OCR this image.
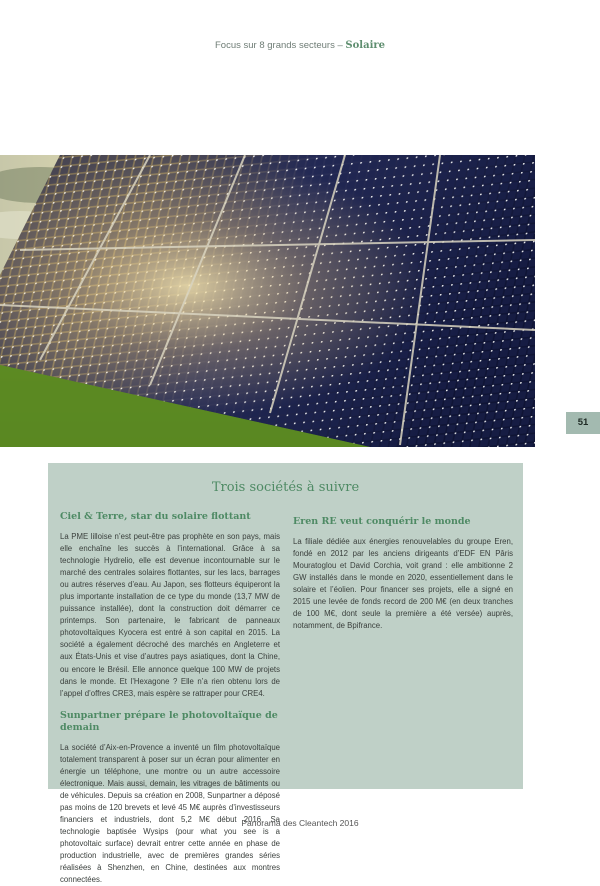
Focus sur 8 grands secteurs – Solaire
51
Trois sociétés à suivre

Ciel & Terre, star du solaire flottant

La PME lilloise n’est peut-être pas prophète en son pays, mais elle enchaîne les succès à l’international. Grâce à sa technologie Hydrelio, elle est devenue incontournable sur le marché des centrales solaires flottantes, sur les lacs, barrages ou autres réserves d’eau. Au Japon, ses flotteurs équiperont la plus importante installation de ce type du monde (13,7 MW de puissance installée), dont la construction doit démarrer ce printemps. Son partenaire, le fabricant de panneaux photovoltaïques Kyocera est entré à son capital en 2015. La société a également décroché des marchés en Angleterre et aux États-Unis et vise d’autres pays asiatiques, dont la Chine, ou encore le Brésil. Elle annonce quelque 100 MW de projets dans le monde. Et l’Hexagone ? Elle n’a rien obtenu lors de l’appel d’offres CRE3, mais espère se rattraper pour CRE4.

Sunpartner prépare le photovoltaïque de demain

La société d’Aix-en-Provence a inventé un film photovoltaïque totalement transparent à poser sur un écran pour alimenter en énergie un téléphone, une montre ou un autre accessoire électronique. Mais aussi, demain, les vitrages de bâtiments ou de véhicules. Depuis sa création en 2008, Sunpartner a déposé pas moins de 120 brevets et levé 45 M€ auprès d’investisseurs financiers et industriels, dont 5,2 M€ début 2016. Sa technologie baptisée Wysips (pour what you see is a photovoltaic surface) devrait entrer cette année en phase de production industrielle, avec de premières grandes séries réalisées à Shenzhen, en Chine, destinées aux montres connectées.

Eren RE veut conquérir le monde

La filiale dédiée aux énergies renouvelables du groupe Eren, fondé en 2012 par les anciens dirigeants d’EDF EN Pâris Mouratoglou et David Corchia, voit grand : elle ambitionne 2 GW installés dans le monde en 2020, essentiellement dans le solaire et l’éolien. Pour financer ses projets, elle a signé en 2015 une levée de fonds record de 200 M€ (en deux tranches de 100 M€, dont seule la première a été versée) auprès, notamment, de Bpifrance.

Panorama des Cleantech 2016
